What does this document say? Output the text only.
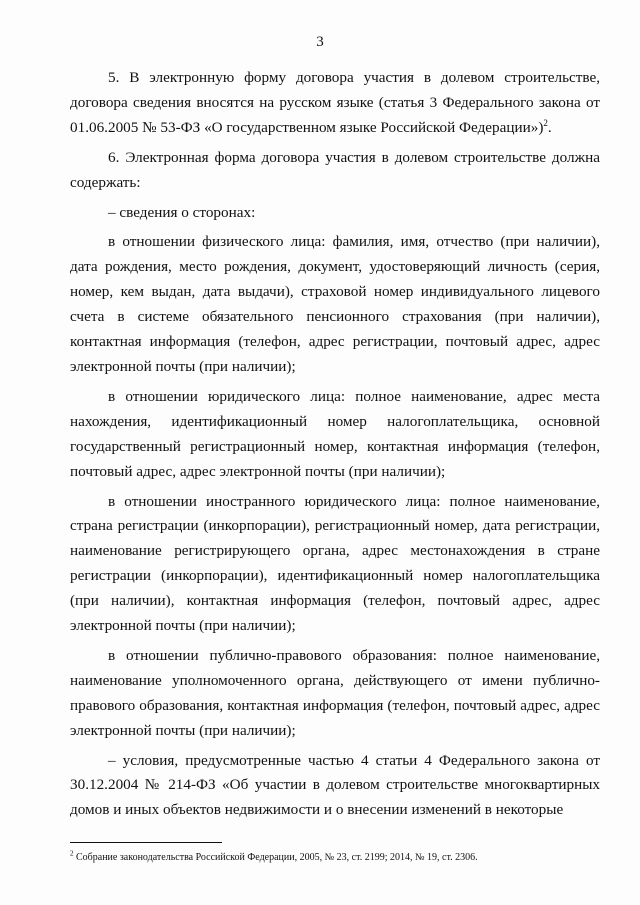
3

5. В электронную форму договора участия в долевом строительстве, договора сведения вносятся на русском языке (статья 3 Федерального закона от 01.06.2005 № 53-ФЗ «О государственном языке Российской Федерации»)$^2$.

6. Электронная форма договора участия в долевом строительстве должна содержать:

– сведения о сторонах:

в отношении физического лица: фамилия, имя, отчество (при наличии), дата рождения, место рождения, документ, удостоверяющий личность (серия, номер, кем выдан, дата выдачи), страховой номер индивидуального лицевого счета в системе обязательного пенсионного страхования (при наличии), контактная информация (телефон, адрес регистрации, почтовый адрес, адрес электронной почты (при наличии);

в отношении юридического лица: полное наименование, адрес места нахождения, идентификационный номер налогоплательщика, основной государственный регистрационный номер, контактная информация (телефон, почтовый адрес, адрес электронной почты (при наличии);

в отношении иностранного юридического лица: полное наименование, страна регистрации (инкорпорации), регистрационный номер, дата регистрации, наименование регистрирующего органа, адрес местонахождения в стране регистрации (инкорпорации), идентификационный номер налогоплательщика (при наличии), контактная информация (телефон, почтовый адрес, адрес электронной почты (при наличии);

в отношении публично-правового образования: полное наименование, наименование уполномоченного органа, действующего от имени публично-правового образования, контактная информация (телефон, почтовый адрес, адрес электронной почты (при наличии);

– условия, предусмотренные частью 4 статьи 4 Федерального закона от 30.12.2004 № 214-ФЗ «Об участии в долевом строительстве многоквартирных домов и иных объектов недвижимости и о внесении изменений в некоторые

$^2$ Собрание законодательства Российской Федерации, 2005, № 23, ст. 2199; 2014, № 19, ст. 2306.
